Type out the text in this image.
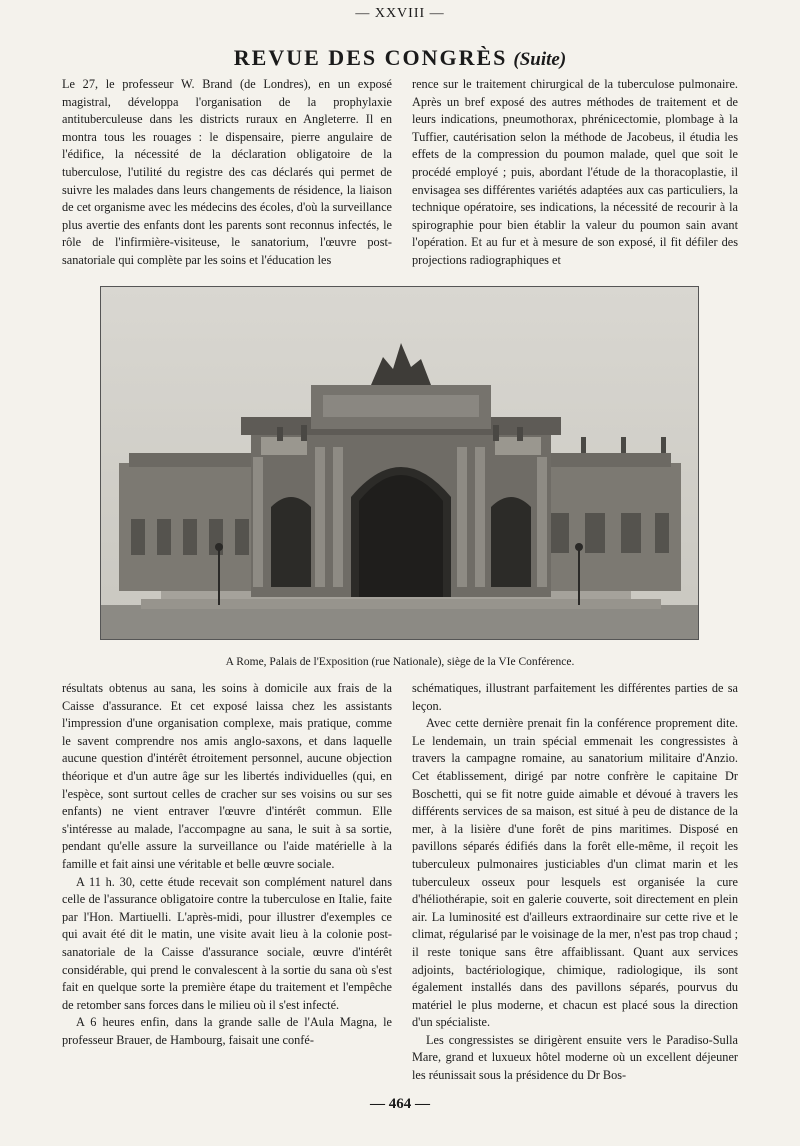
— XXVIII —
REVUE DES CONGRÈS (Suite)

Le 27, le professeur W. Brand (de Londres), en un exposé magistral, développa l'organisation de la prophylaxie antituberculeuse dans les districts ruraux en Angleterre. Il en montra tous les rouages : le dispensaire, pierre angulaire de l'édifice, la nécessité de la déclaration obligatoire de la tuberculose, l'utilité du registre des cas déclarés qui permet de suivre les malades dans leurs changements de résidence, la liaison de cet organisme avec les médecins des écoles, d'où la surveillance plus avertie des enfants dont les parents sont reconnus infectés, le rôle de l'infirmière-visiteuse, le sanatorium, l'œuvre post-sanatoriale qui complète par les soins et l'éducation les

rence sur le traitement chirurgical de la tuberculose pulmonaire. Après un bref exposé des autres méthodes de traitement et de leurs indications, pneumothorax, phrénicectomie, plombage à la Tuffier, cautérisation selon la méthode de Jacobeus, il étudia les effets de la compression du poumon malade, quel que soit le procédé employé ; puis, abordant l'étude de la thoracoplastie, il envisagea ses différentes variétés adaptées aux cas particuliers, la technique opératoire, ses indications, la nécessité de recourir à la spirographie pour bien établir la valeur du poumon sain avant l'opération. Et au fur et à mesure de son exposé, il fit défiler des projections radiographiques et

A Rome, Palais de l'Exposition (rue Nationale), siège de la VIe Conférence.

résultats obtenus au sana, les soins à domicile aux frais de la Caisse d'assurance. Et cet exposé laissa chez les assistants l'impression d'une organisation complexe, mais pratique, comme le savent comprendre nos amis anglo-saxons, et dans laquelle aucune question d'intérêt étroitement personnel, aucune objection théorique et d'un autre âge sur les libertés individuelles (qui, en l'espèce, sont surtout celles de cracher sur ses voisins ou sur ses enfants) ne vient entraver l'œuvre d'intérêt commun. Elle s'intéresse au malade, l'accompagne au sana, le suit à sa sortie, pendant qu'elle assure la surveillance ou l'aide matérielle à la famille et fait ainsi une véritable et belle œuvre sociale.

A 11 h. 30, cette étude recevait son complément naturel dans celle de l'assurance obligatoire contre la tuberculose en Italie, faite par l'Hon. Martiuelli. L'après-midi, pour illustrer d'exemples ce qui avait été dit le matin, une visite avait lieu à la colonie post-sanatoriale de la Caisse d'assurance sociale, œuvre d'intérêt considérable, qui prend le convalescent à la sortie du sana où s'est fait en quelque sorte la première étape du traitement et l'empêche de retomber sans forces dans le milieu où il s'est infecté.

A 6 heures enfin, dans la grande salle de l'Aula Magna, le professeur Brauer, de Hambourg, faisait une confé-

schématiques, illustrant parfaitement les différentes parties de sa leçon.

Avec cette dernière prenait fin la conférence proprement dite. Le lendemain, un train spécial emmenait les congressistes à travers la campagne romaine, au sanatorium militaire d'Anzio. Cet établissement, dirigé par notre confrère le capitaine Dr Boschetti, qui se fit notre guide aimable et dévoué à travers les différents services de sa maison, est situé à peu de distance de la mer, à la lisière d'une forêt de pins maritimes. Disposé en pavillons séparés édifiés dans la forêt elle-même, il reçoit les tuberculeux pulmonaires justiciables d'un climat marin et les tuberculeux osseux pour lesquels est organisée la cure d'héliothérapie, soit en galerie couverte, soit directement en plein air. La luminosité est d'ailleurs extraordinaire sur cette rive et le climat, régularisé par le voisinage de la mer, n'est pas trop chaud ; il reste tonique sans être affaiblissant. Quant aux services adjoints, bactériologique, chimique, radiologique, ils sont également installés dans des pavillons séparés, pourvus du matériel le plus moderne, et chacun est placé sous la direction d'un spécialiste.

Les congressistes se dirigèrent ensuite vers le Paradiso-Sulla Mare, grand et luxueux hôtel moderne où un excellent déjeuner les réunissait sous la présidence du Dr Bos-

— 464 —
